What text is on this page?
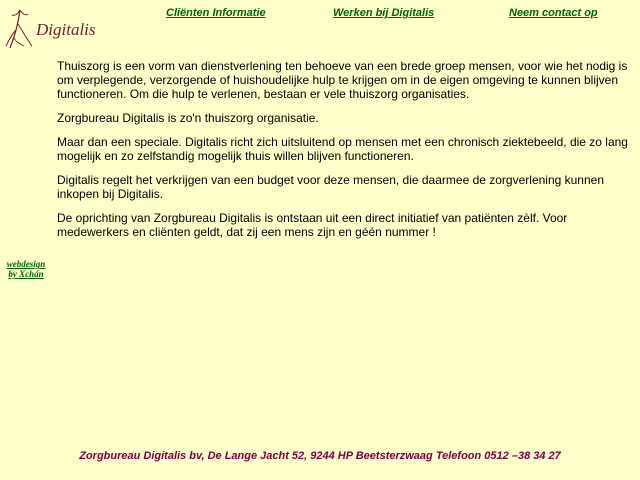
Digitalis
Cliënten Informatie	Werken bij Digitalis	Neem contact op

Thuiszorg is een vorm van dienstverlening ten behoeve van een brede groep mensen, voor wie het nodig is om verplegende, verzorgende of huishoudelijke hulp te krijgen om in de eigen omgeving te kunnen blijven functioneren. Om die hulp te verlenen, bestaan er vele thuiszorg organisaties.

Zorgbureau Digitalis is zo'n thuiszorg organisatie.

Maar dan een speciale. Digitalis richt zich uitsluitend op mensen met een chronisch ziektebeeld, die zo lang mogelijk en zo zelfstandig mogelijk thuis willen blijven functioneren.

Digitalis regelt het verkrijgen van een budget voor deze mensen, die daarmee de zorgverlening kunnen inkopen bij Digitalis.

De oprichting van Zorgbureau Digitalis is ontstaan uit een direct initiatief van patiënten zèlf. Voor medewerkers en cliënten geldt, dat zij een mens zijn en géén nummer !

webdesign
by Xchán
Zorgbureau Digitalis bv, De Lange Jacht 52, 9244 HP Beetsterzwaag Telefoon 0512 –38 34 27
